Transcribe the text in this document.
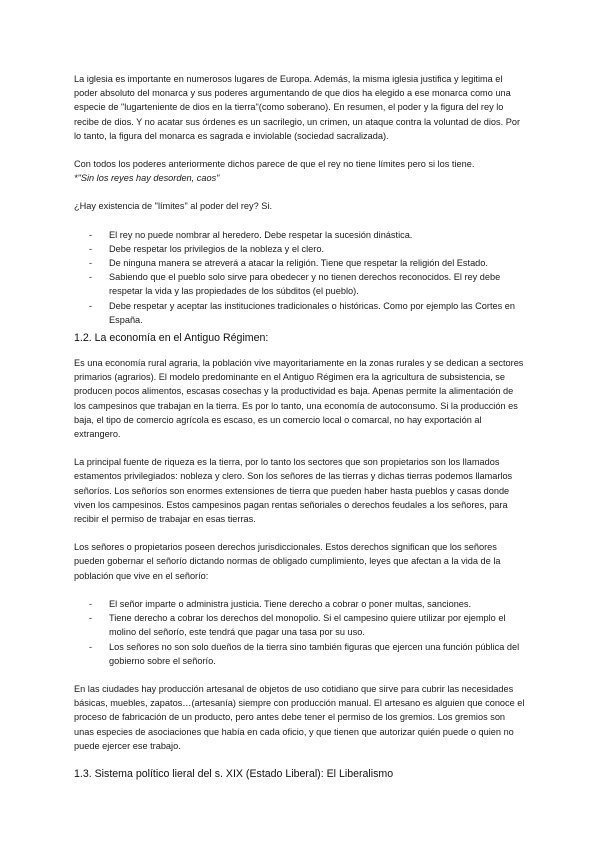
La iglesia es importante en numerosos lugares de Europa. Además, la misma iglesia justifica y legitima el poder absoluto del monarca y sus poderes argumentando de que dios ha elegido a ese monarca como una especie de "lugarteniente de dios en la tierra"(como soberano). En resumen, el poder y la figura del rey lo recibe de dios. Y no acatar sus órdenes es un sacrilegio, un crimen, un ataque contra la voluntad de dios. Por lo tanto, la figura del monarca es sagrada e inviolable (sociedad sacralizada).

Con todos los poderes anteriormente dichos parece de que el rey no tiene límites pero si los tiene.
*"Sin los reyes hay desorden, caos"

¿Hay existencia de "límites" al poder del rey? Si.

- El rey no puede nombrar al heredero. Debe respetar la sucesión dinástica.
- Debe respetar los privilegios de la nobleza y el clero.
- De ninguna manera se atreverá a atacar la religión. Tiene que respetar la religión del Estado.
- Sabiendo que el pueblo solo sirve para obedecer y no tienen derechos reconocidos. El rey debe respetar la vida y las propiedades de los súbditos (el pueblo).
- Debe respetar y aceptar las instituciones tradicionales o históricas. Como por ejemplo las Cortes en España.
1.2. La economía en el Antiguo Régimen:

Es una economía rural agraria, la población vive mayoritariamente en la zonas rurales y se dedican a sectores primarios (agrarios). El modelo predominante en el Antiguo Régimen era la agricultura de subsistencia, se producen pocos alimentos, escasas cosechas y la productividad es baja. Apenas permite la alimentación de los campesinos que trabajan en la tierra. Es por lo tanto, una economía de autoconsumo. Si la producción es baja, el tipo de comercio agrícola es escaso, es un comercio local o comarcal, no hay exportación al extrangero.

La principal fuente de riqueza es la tierra, por lo tanto los sectores que son propietarios son los llamados estamentos privilegiados: nobleza y clero. Son los señores de las tierras y dichas tierras podemos llamarlos señoríos. Los señoríos son enormes extensiones de tierra que pueden haber hasta pueblos y casas donde viven los campesinos. Estos campesinos pagan rentas señoriales o derechos feudales a los señores, para recibir el permiso de trabajar en esas tierras.

Los señores o propietarios poseen derechos jurisdiccionales. Estos derechos significan que los señores pueden gobernar el señorío dictando normas de obligado cumplimiento, leyes que afectan a la vida de la población que vive en el señorío:

- El señor imparte o administra justicia. Tiene derecho a cobrar o poner multas, sanciones.
- Tiene derecho a cobrar los derechos del monopolio. Si el campesino quiere utilizar por ejemplo el molino del señorío, este tendrá que pagar una tasa por su uso.
- Los señores no son solo dueños de la tierra sino también figuras que ejercen una función pública del gobierno sobre el señorío.

En las ciudades hay producción artesanal de objetos de uso cotidiano que sirve para cubrir las necesidades básicas, muebles, zapatos…(artesanía) siempre con producción manual. El artesano es alguien que conoce el proceso de fabricación de un producto, pero antes debe tener el permiso de los gremios. Los gremios son unas especies de asociaciones que había en cada oficio, y que tienen que autorizar quién puede o quien no puede ejercer ese trabajo.

1.3. Sistema político lieral del s. XIX (Estado Liberal): El Liberalismo
